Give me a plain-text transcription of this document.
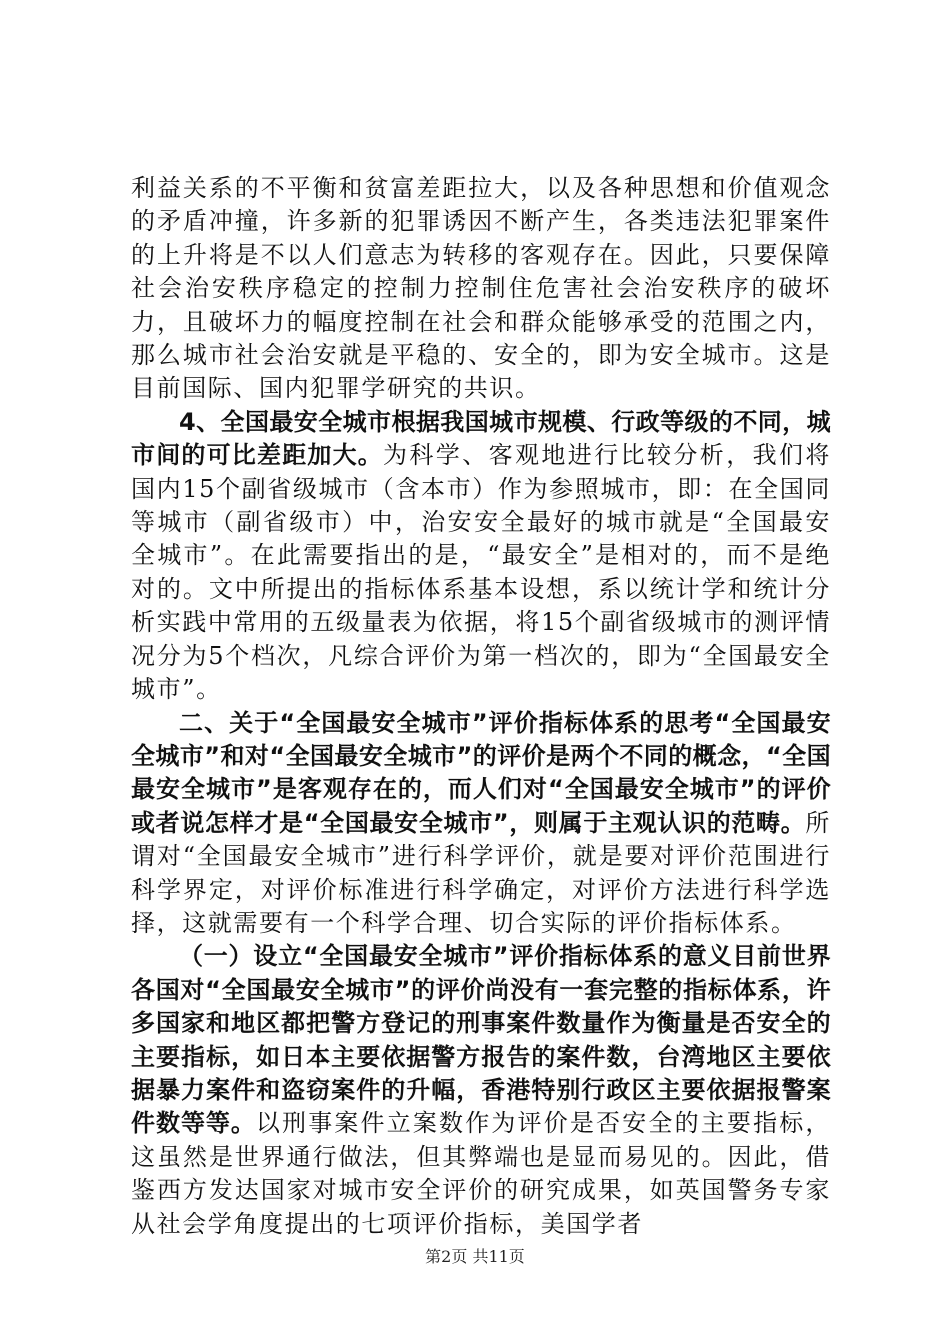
利益关系的不平衡和贫富差距拉大，以及各种思想和价值观念的矛盾冲撞，许多新的犯罪诱因不断产生，各类违法犯罪案件的上升将是不以人们意志为转移的客观存在。因此，只要保障社会治安秩序稳定的控制力控制住危害社会治安秩序的破坏力，且破坏力的幅度控制在社会和群众能够承受的范围之内，那么城市社会治安就是平稳的、安全的，即为安全城市。这是目前国际、国内犯罪学研究的共识。

4、全国最安全城市根据我国城市规模、行政等级的不同，城市间的可比差距加大。为科学、客观地进行比较分析，我们将国内15个副省级城市（含本市）作为参照城市，即：在全国同等城市（副省级市）中，治安安全最好的城市就是“全国最安全城市”。在此需要指出的是，“最安全”是相对的，而不是绝对的。文中所提出的指标体系基本设想，系以统计学和统计分析实践中常用的五级量表为依据，将15个副省级城市的测评情况分为5个档次，凡综合评价为第一档次的，即为“全国最安全城市”。

二、关于“全国最安全城市”评价指标体系的思考“全国最安全城市”和对“全国最安全城市”的评价是两个不同的概念，“全国最安全城市”是客观存在的，而人们对“全国最安全城市”的评价或者说怎样才是“全国最安全城市”，则属于主观认识的范畴。所谓对“全国最安全城市”进行科学评价，就是要对评价范围进行科学界定，对评价标准进行科学确定，对评价方法进行科学选择，这就需要有一个科学合理、切合实际的评价指标体系。

（一）设立“全国最安全城市”评价指标体系的意义目前世界各国对“全国最安全城市”的评价尚没有一套完整的指标体系，许多国家和地区都把警方登记的刑事案件数量作为衡量是否安全的主要指标，如日本主要依据警方报告的案件数，台湾地区主要依据暴力案件和盗窃案件的升幅，香港特别行政区主要依据报警案件数等等。以刑事案件立案数作为评价是否安全的主要指标，这虽然是世界通行做法，但其弊端也是显而易见的。因此，借鉴西方发达国家对城市安全评价的研究成果，如英国警务专家从社会学角度提出的七项评价指标，美国学者

第2页 共11页
